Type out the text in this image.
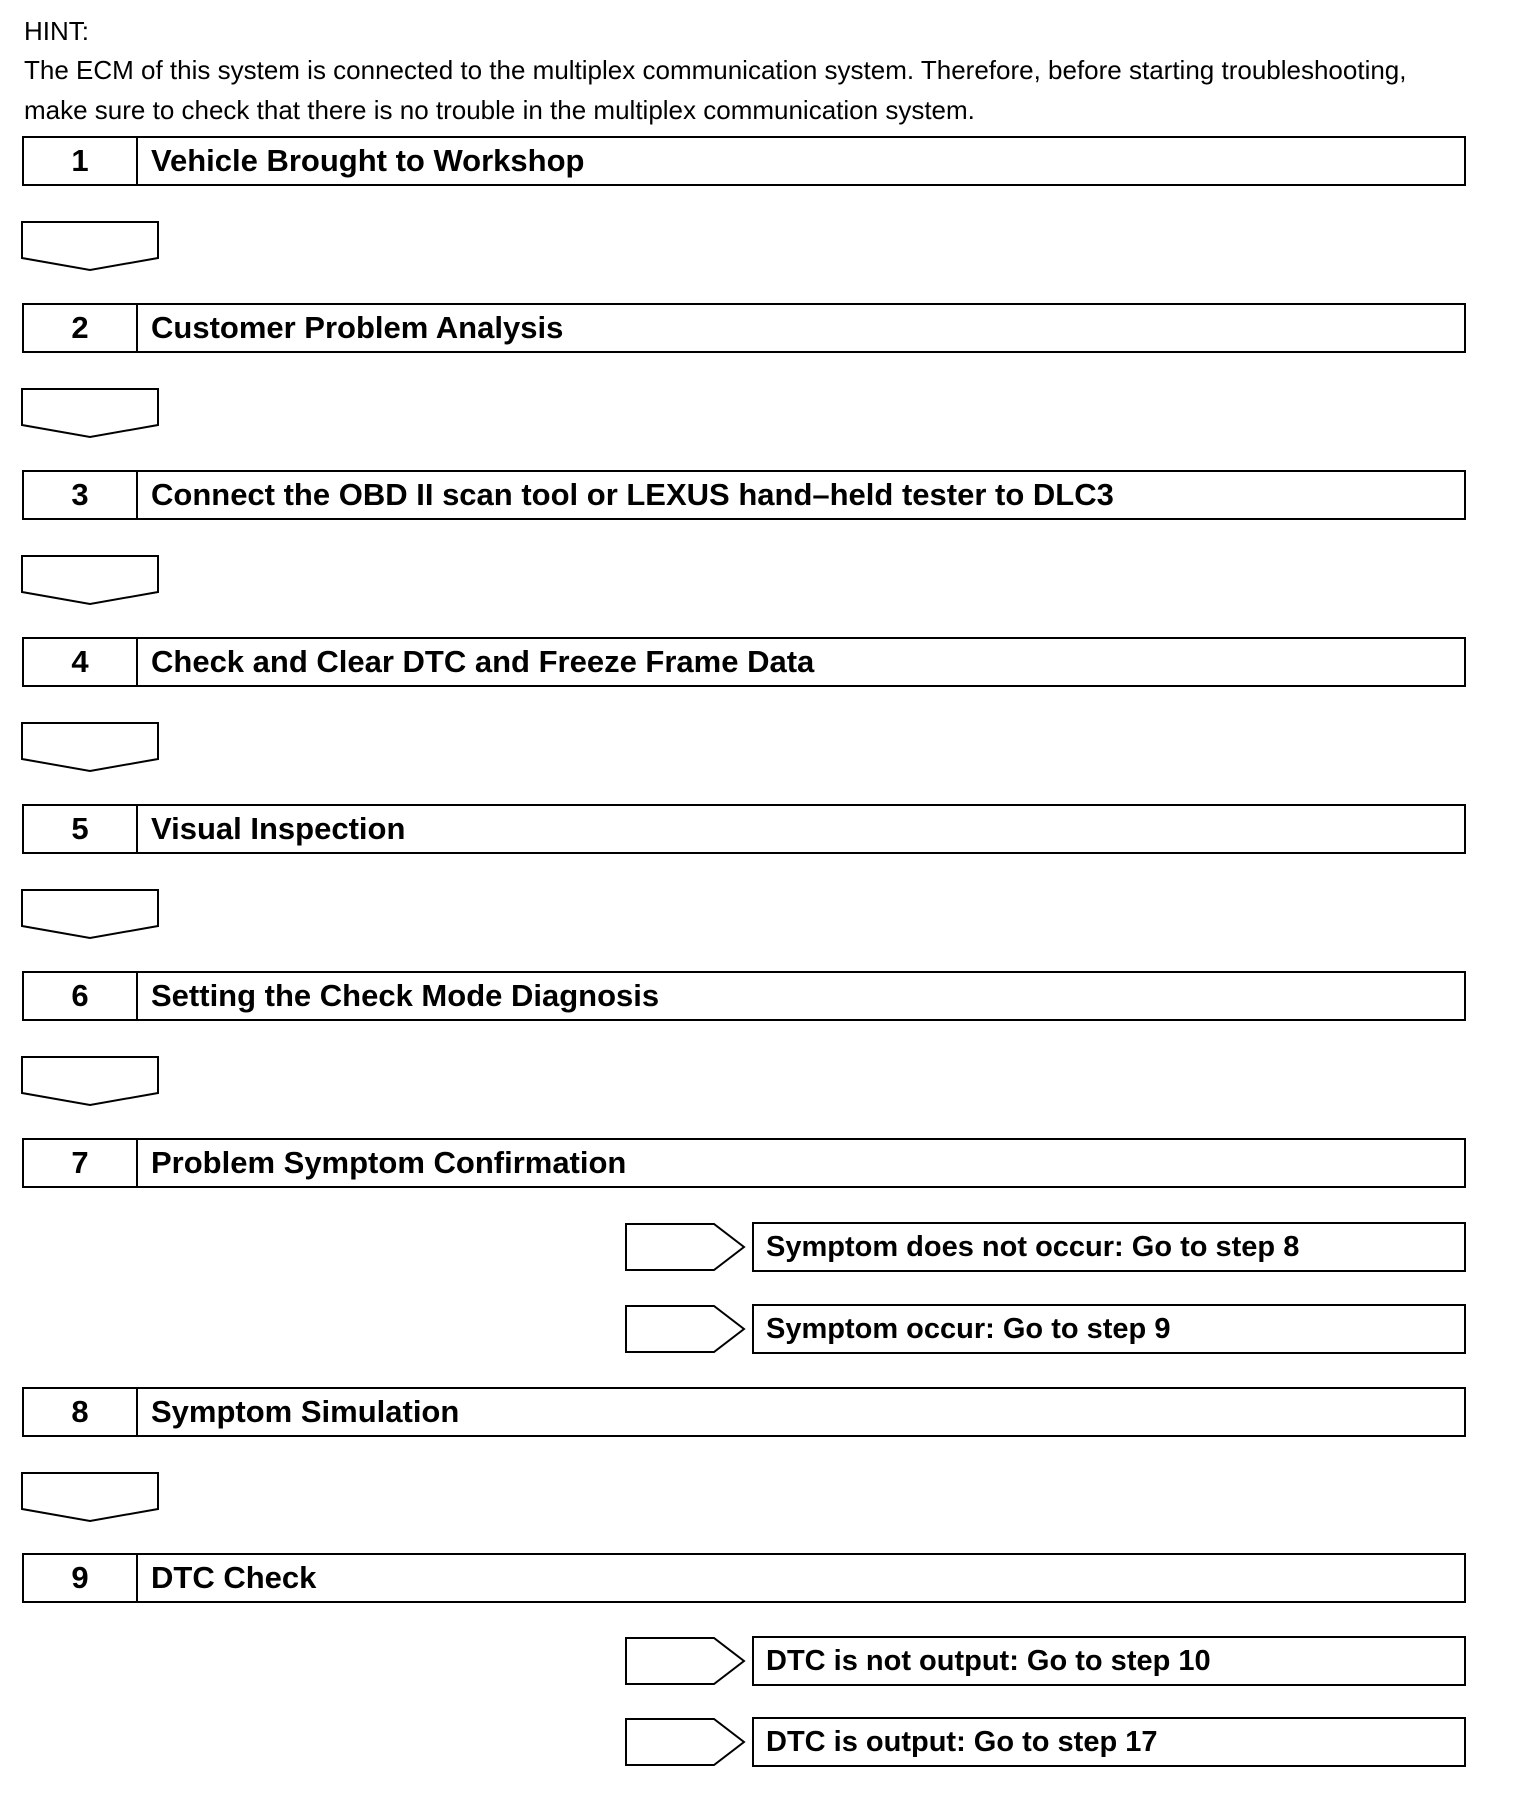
HINT:
The ECM of this system is connected to the multiplex communication system. Therefore, before starting troubleshooting, make sure to check that there is no trouble in the multiplex communication system.
1	Vehicle Brought to Workshop
2	Customer Problem Analysis
3	Connect the OBD II scan tool or LEXUS hand–held tester to DLC3
4	Check and Clear DTC and Freeze Frame Data
5	Visual Inspection
6	Setting the Check Mode Diagnosis
7	Problem Symptom Confirmation
Symptom does not occur: Go to step 8
Symptom occur: Go to step 9
8	Symptom Simulation
9	DTC Check
DTC is not output: Go to step 10
DTC is output: Go to step 17
